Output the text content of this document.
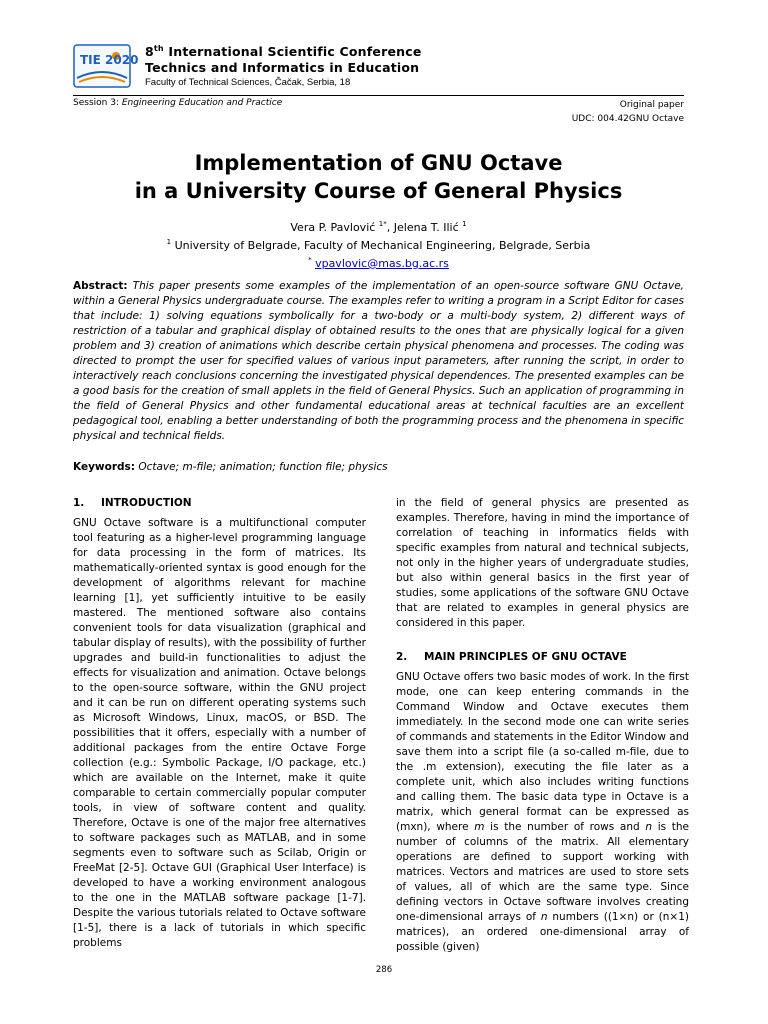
TIE 2020
8th International Scientific Conference
Technics and Informatics in Education
Faculty of Technical Sciences, Čačak, Serbia, 18
Session 3: Engineering Education and Practice	Original paper
UDC: 004.42GNU Octave
Implementation of GNU Octave
in a University Course of General Physics
Vera P. Pavlović $^{1*}$, Jelena T. Ilić $^1$
$^1$ University of Belgrade, Faculty of Mechanical Engineering, Belgrade, Serbia
* vpavlovic@mas.bg.ac.rs
Abstract: This paper presents some examples of the implementation of an open-source software GNU Octave, within a General Physics undergraduate course. The examples refer to writing a program in a Script Editor for cases that include: 1) solving equations symbolically for a two-body or a multi-body system, 2) different ways of restriction of a tabular and graphical display of obtained results to the ones that are physically logical for a given problem and 3) creation of animations which describe certain physical phenomena and processes. The coding was directed to prompt the user for specified values of various input parameters, after running the script, in order to interactively reach conclusions concerning the investigated physical dependences. The presented examples can be a good basis for the creation of small applets in the field of General Physics. Such an application of programming in the field of General Physics and other fundamental educational areas at technical faculties are an excellent pedagogical tool, enabling a better understanding of both the programming process and the phenomena in specific physical and technical fields.
Keywords: Octave; m-file; animation; function file; physics
1. INTRODUCTION
GNU Octave software is a multifunctional computer tool featuring as a higher-level programming language for data processing in the form of matrices. Its mathematically-oriented syntax is good enough for the development of algorithms relevant for machine learning [1], yet sufficiently intuitive to be easily mastered. The mentioned software also contains convenient tools for data visualization (graphical and tabular display of results), with the possibility of further upgrades and build-in functionalities to adjust the effects for visualization and animation. Octave belongs to the open-source software, within the GNU project and it can be run on different operating systems such as Microsoft Windows, Linux, macOS, or BSD. The possibilities that it offers, especially with a number of additional packages from the entire Octave Forge collection (e.g.: Symbolic Package, I/O package, etc.) which are available on the Internet, make it quite comparable to certain commercially popular computer tools, in view of software content and quality. Therefore, Octave is one of the major free alternatives to software packages such as MATLAB, and in some segments even to software such as Scilab, Origin or FreeMat [2-5]. Octave GUI (Graphical User Interface) is developed to have a working environment analogous to the one in the MATLAB software package [1-7]. Despite the various tutorials related to Octave software [1-5], there is a lack of tutorials in which specific problems
in the field of general physics are presented as examples. Therefore, having in mind the importance of correlation of teaching in informatics fields with specific examples from natural and technical subjects, not only in the higher years of undergraduate studies, but also within general basics in the first year of studies, some applications of the software GNU Octave that are related to examples in general physics are considered in this paper.
2. MAIN PRINCIPLES OF GNU OCTAVE
GNU Octave offers two basic modes of work. In the first mode, one can keep entering commands in the Command Window and Octave executes them immediately. In the second mode one can write series of commands and statements in the Editor Window and save them into a script file (a so-called m-file, due to the .m extension), executing the file later as a complete unit, which also includes writing functions and calling them. The basic data type in Octave is a matrix, which general format can be expressed as (mxn), where m is the number of rows and n is the number of columns of the matrix. All elementary operations are defined to support working with matrices. Vectors and matrices are used to store sets of values, all of which are the same type. Since defining vectors in Octave software involves creating one-dimensional arrays of n numbers ((1×n) or (n×1) matrices), an ordered one-dimensional array of possible (given)
286
